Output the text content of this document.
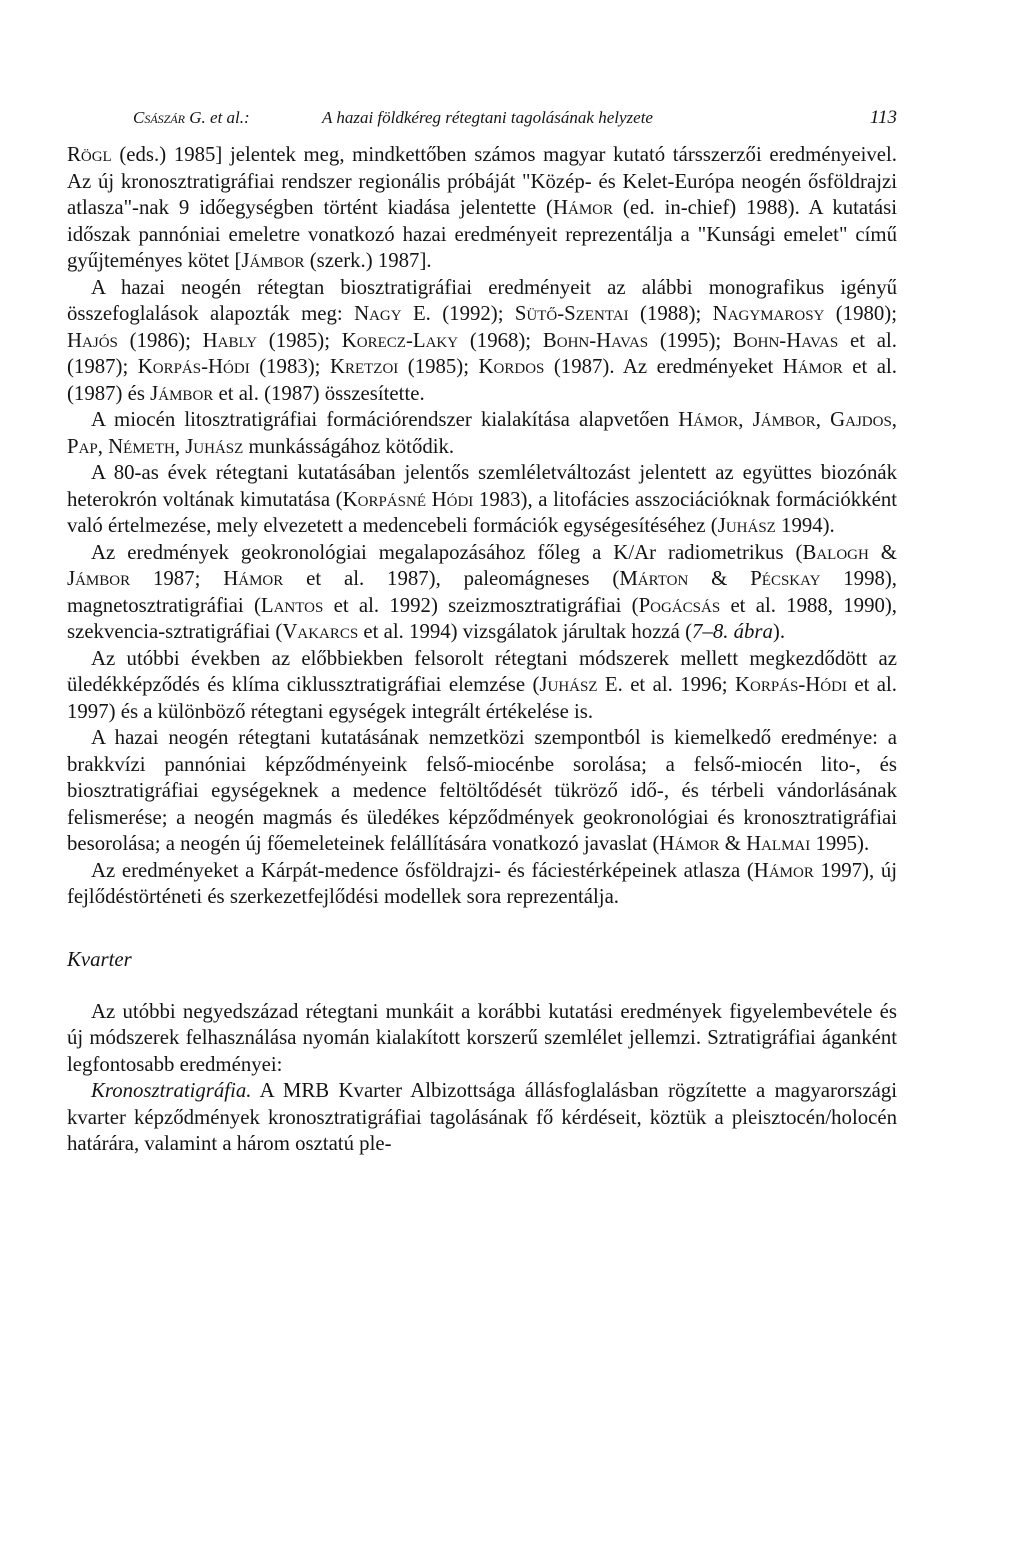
Császár G. et al.:	A hazai földkéreg rétegtani tagolásának helyzete	113

Rögl (eds.) 1985] jelentek meg, mindkettőben számos magyar kutató társszerzői eredményeivel. Az új kronosztratigráfiai rendszer regionális próbáját "Közép- és Kelet-Európa neogén ősföldrajzi atlasza"-nak 9 időegységben történt kiadása jelentette (Hámor (ed. in-chief) 1988). A kutatási időszak pannóniai emeletre vonatkozó hazai eredményeit reprezentálja a "Kunsági emelet" című gyűjteményes kötet [Jámbor (szerk.) 1987].

A hazai neogén rétegtan biosztratigráfiai eredményeit az alábbi monografikus igényű összefoglalások alapozták meg: Nagy E. (1992); Sütő-Szentai (1988); Nagymarosy (1980); Hajós (1986); Hably (1985); Korecz-Laky (1968); Bohn-Havas (1995); Bohn-Havas et al. (1987); Korpás-Hódi (1983); Kretzoi (1985); Kordos (1987). Az eredményeket Hámor et al. (1987) és Jámbor et al. (1987) összesítette.

A miocén litosztratigráfiai formációrendszer kialakítása alapvetően Hámor, Jámbor, Gajdos, Pap, Németh, Juhász munkásságához kötődik.

A 80-as évek rétegtani kutatásában jelentős szemléletváltozást jelentett az együttes biozónák heterokrón voltának kimutatása (Korpásné Hódi 1983), a litofácies asszociációknak formációkként való értelmezése, mely elvezetett a medencebeli formációk egységesítéséhez (Juhász 1994).

Az eredmények geokronológiai megalapozásához főleg a K/Ar radiometrikus (Balogh & Jámbor 1987; Hámor et al. 1987), paleomágneses (Márton & Pécskay 1998), magnetosztratigráfiai (Lantos et al. 1992) szeizmosztratigráfiai (Pogácsás et al. 1988, 1990), szekvencia-sztratigráfiai (Vakarcs et al. 1994) vizsgálatok járultak hozzá (7–8. ábra).

Az utóbbi években az előbbiekben felsorolt rétegtani módszerek mellett megkezdődött az üledékképződés és klíma ciklussztratigráfiai elemzése (Juhász E. et al. 1996; Korpás-Hódi et al. 1997) és a különböző rétegtani egységek integrált értékelése is.

A hazai neogén rétegtani kutatásának nemzetközi szempontból is kiemelkedő eredménye: a brakkvízi pannóniai képződményeink felső-miocénbe sorolása; a felső-miocén lito-, és biosztratigráfiai egységeknek a medence feltöltődését tükröző idő-, és térbeli vándorlásának felismerése; a neogén magmás és üledékes képződmények geokronológiai és kronosztratigráfiai besorolása; a neogén új főemeleteinek felállítására vonatkozó javaslat (Hámor & Halmai 1995).

Az eredményeket a Kárpát-medence ősföldrajzi- és fáciestérképeinek atlasza (Hámor 1997), új fejlődéstörténeti és szerkezetfejlődési modellek sora reprezentálja.

Kvarter

Az utóbbi negyedszázad rétegtani munkáit a korábbi kutatási eredmények figyelembevétele és új módszerek felhasználása nyomán kialakított korszerű szemlélet jellemzi. Sztratigráfiai áganként legfontosabb eredményei:

Kronosztratigráfia. A MRB Kvarter Albizottsága állásfoglalásban rögzítette a magyarországi kvarter képződmények kronosztratigráfiai tagolásának fő kérdéseit, köztük a pleisztocén/holocén határára, valamint a három osztatú ple-
